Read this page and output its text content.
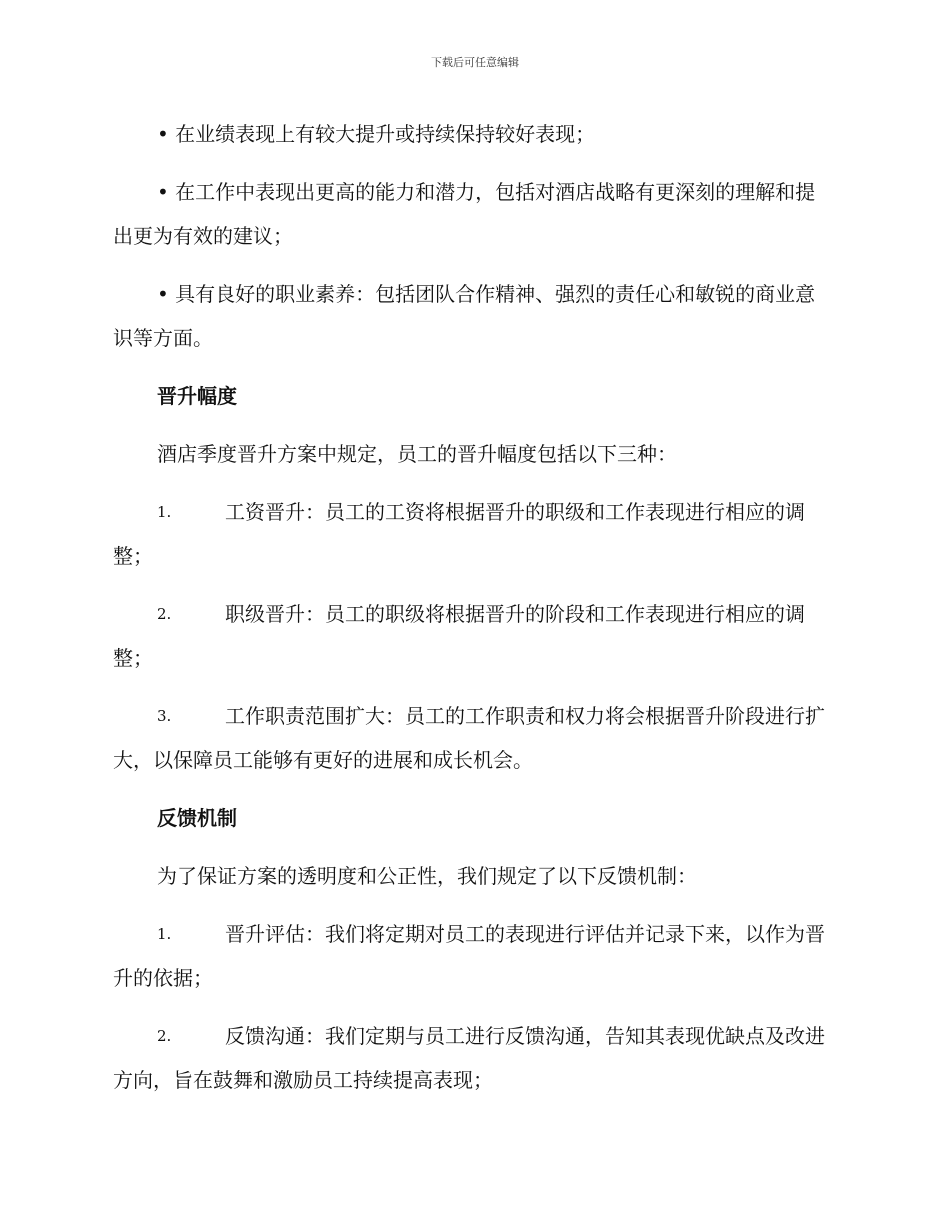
下载后可任意编辑

• 在业绩表现上有较大提升或持续保持较好表现；

• 在工作中表现出更高的能力和潜力，包括对酒店战略有更深刻的理解和提出更为有效的建议；

• 具有良好的职业素养：包括团队合作精神、强烈的责任心和敏锐的商业意识等方面。

晋升幅度

酒店季度晋升方案中规定，员工的晋升幅度包括以下三种：

1.	工资晋升：员工的工资将根据晋升的职级和工作表现进行相应的调整；

2.	职级晋升：员工的职级将根据晋升的阶段和工作表现进行相应的调整；

3.	工作职责范围扩大：员工的工作职责和权力将会根据晋升阶段进行扩大，以保障员工能够有更好的进展和成长机会。

反馈机制

为了保证方案的透明度和公正性，我们规定了以下反馈机制：

1.	晋升评估：我们将定期对员工的表现进行评估并记录下来，以作为晋升的依据；

2.	反馈沟通：我们定期与员工进行反馈沟通，告知其表现优缺点及改进方向，旨在鼓舞和激励员工持续提高表现；
